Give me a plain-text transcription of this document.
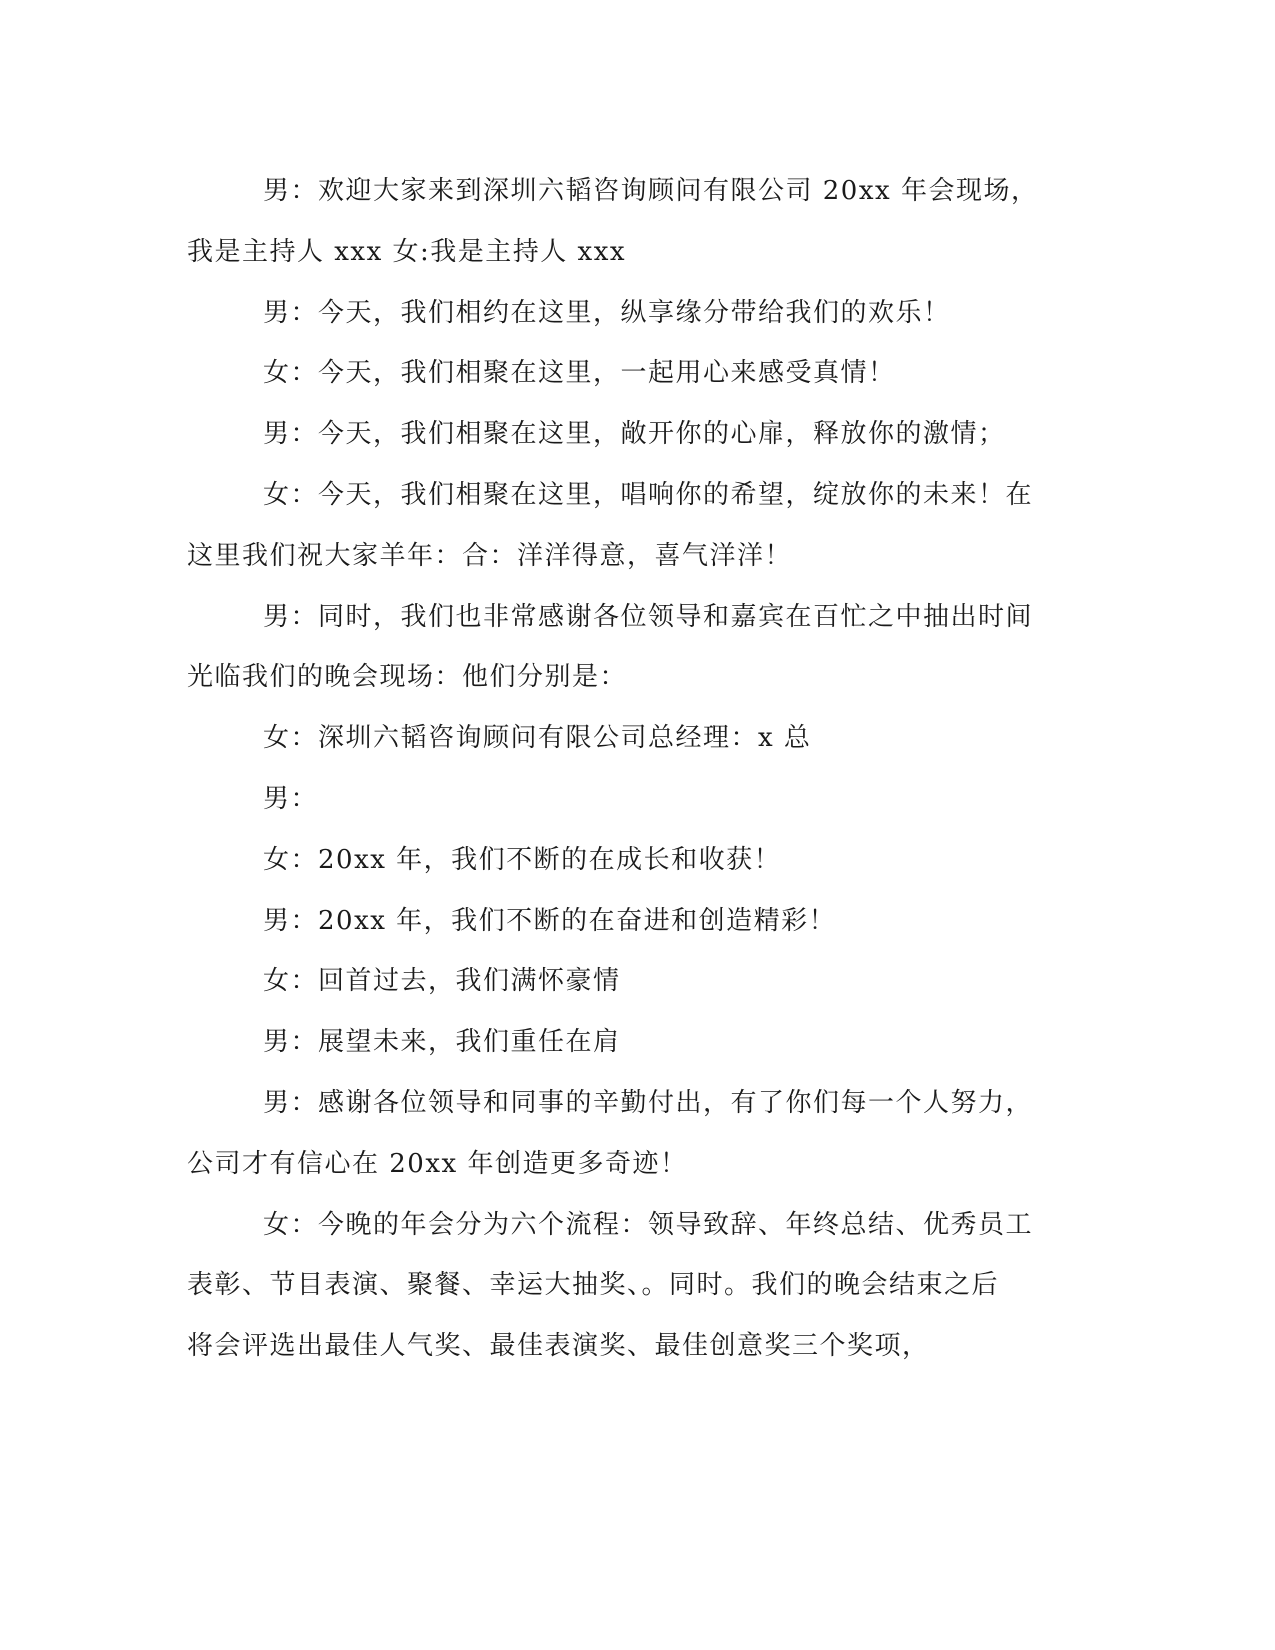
男：欢迎大家来到深圳六韬咨询顾问有限公司 20xx 年会现场，
我是主持人 xxx 女:我是主持人 xxx
男：今天，我们相约在这里，纵享缘分带给我们的欢乐！
女：今天，我们相聚在这里，一起用心来感受真情！
男：今天，我们相聚在这里，敞开你的心扉，释放你的激情；
女：今天，我们相聚在这里，唱响你的希望，绽放你的未来！在
这里我们祝大家羊年：合：洋洋得意，喜气洋洋！
男：同时，我们也非常感谢各位领导和嘉宾在百忙之中抽出时间
光临我们的晚会现场：他们分别是：
女：深圳六韬咨询顾问有限公司总经理：x 总
男：
女：20xx 年，我们不断的在成长和收获！
男：20xx 年，我们不断的在奋进和创造精彩！
女：回首过去，我们满怀豪情
男：展望未来，我们重任在肩
男：感谢各位领导和同事的辛勤付出，有了你们每一个人努力，
公司才有信心在 20xx 年创造更多奇迹！
女：今晚的年会分为六个流程：领导致辞、年终总结、优秀员工
表彰、节目表演、聚餐、幸运大抽奖、。同时。我们的晚会结束之后
将会评选出最佳人气奖、最佳表演奖、最佳创意奖三个奖项，
